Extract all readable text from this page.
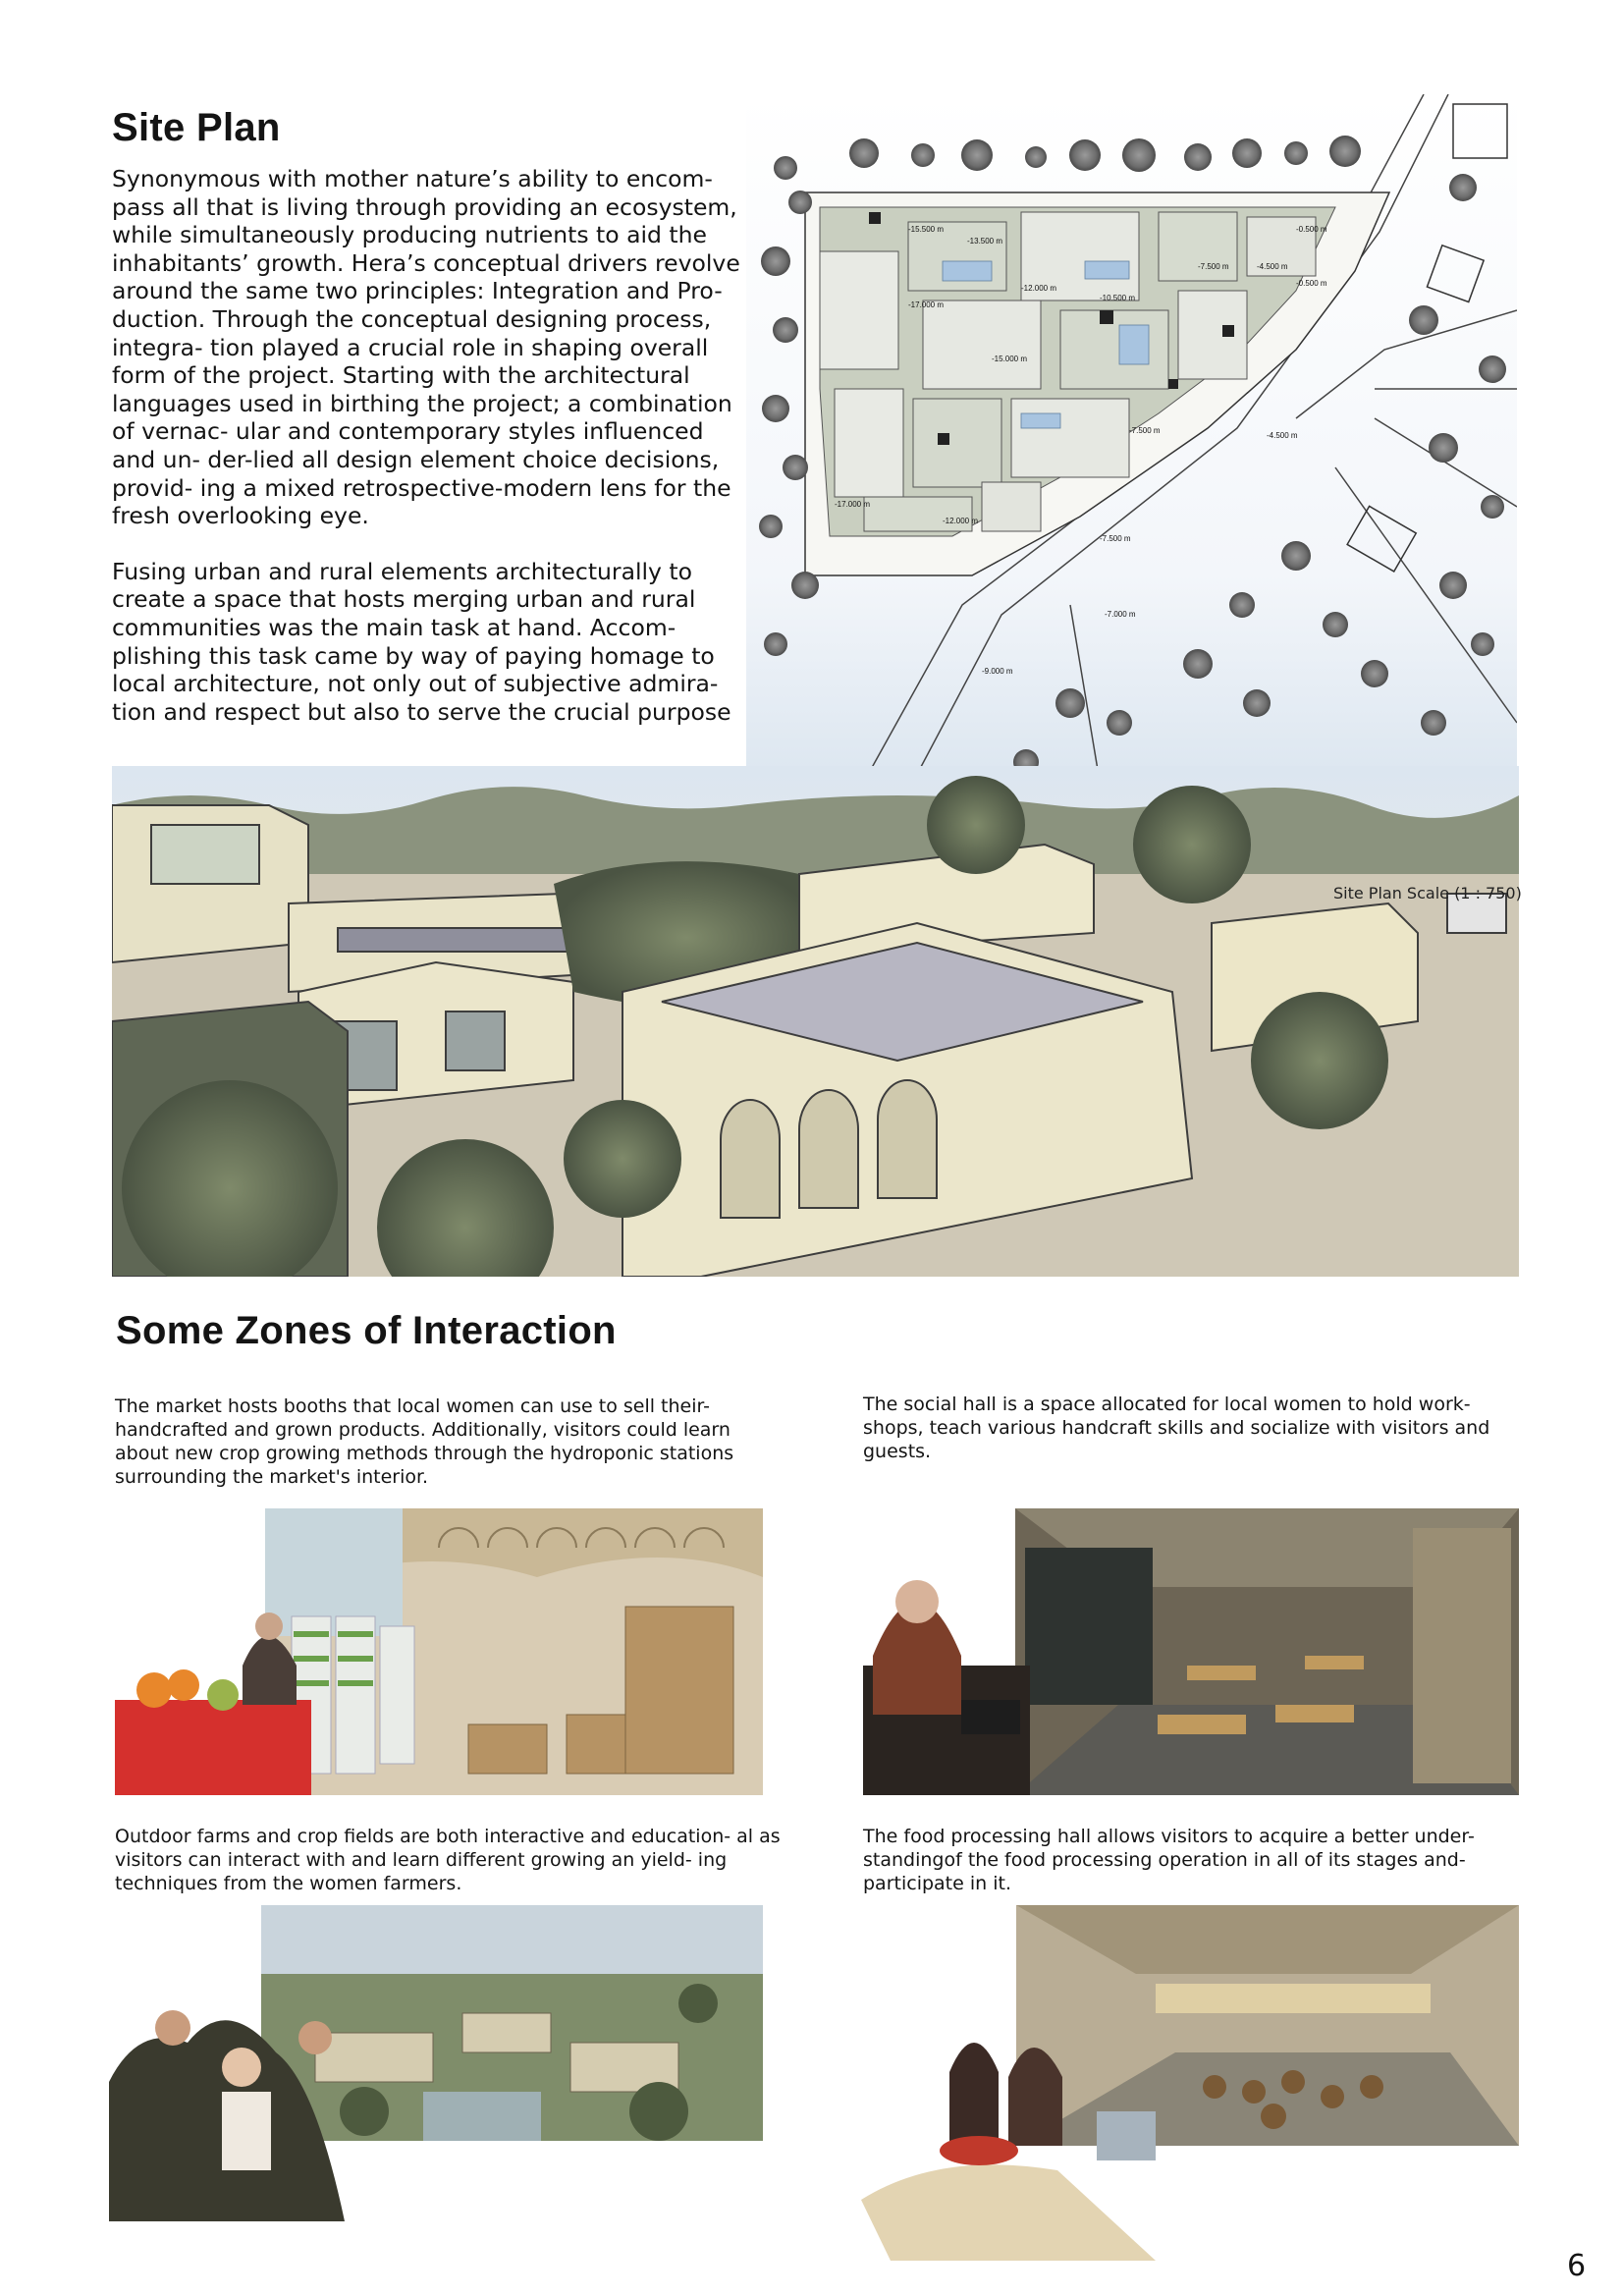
Site Plan

Synonymous with mother nature’s ability to encom- pass all that is living through providing an ecosystem, while simultaneously producing nutrients to aid the inhabitants’ growth. Hera’s conceptual drivers revolve around the same two principles: Integration and Pro- duction. Through the conceptual designing process, integra- tion played a crucial role in shaping overall form of the project. Starting with the architectural languages used in birthing the project; a combination of vernac- ular and contemporary styles influenced and un- der-lied all design element choice decisions, provid- ing a mixed retrospective-modern lens for the fresh overlooking eye.

Fusing urban and rural elements architecturally to create a space that hosts merging urban and rural communities was the main task at hand. Accom- plishing this task came by way of paying homage to local architecture, not only out of subjective admira- tion and respect but also to serve the crucial purpose

-15.500 m
-13.500 m
-0.500 m
-7.500 m	-4.500 m
-0.500 m
-12.000 m
-10.500 m
-17.000 m
-15.000 m
-7.500 m
-4.500 m
-17.000 m
-12.000 m
-7.500 m
-7.000 m
-9.000 m
Site Plan Scale (1 : 750)
Some Zones of Interaction

The market hosts booths that local women can use to sell their- handcrafted and grown products. Additionally, visitors could learn about new crop growing methods through the hydroponic stations surrounding the market's interior.

The social hall is a space allocated for local women to hold work- shops, teach various handcraft skills and socialize with visitors and guests.

Outdoor farms and crop fields are both interactive and education- al as visitors can interact with and learn different growing an yield- ing techniques from the women farmers.

The food processing hall allows visitors to acquire a better under- standingof the food processing operation in all of its stages and- participate in it.

6
